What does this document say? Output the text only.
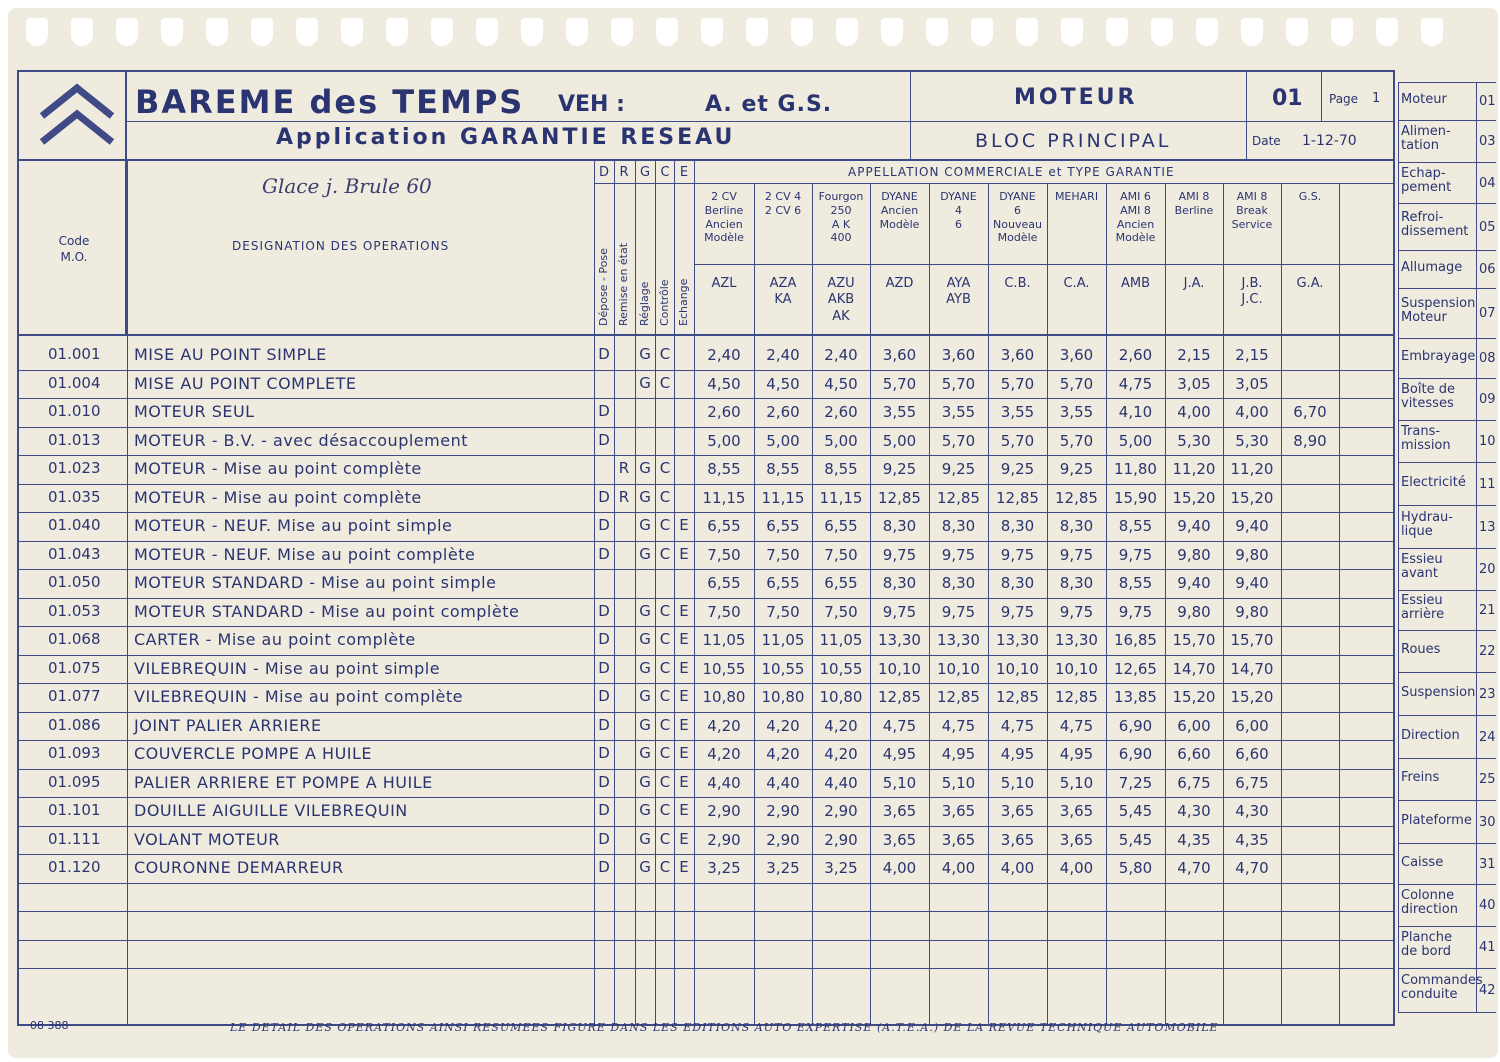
BAREME des TEMPS VEH :	A. et G.S.	MOTEUR	01 Page 1
Application GARANTIE RESEAU	BLOC PRINCIPAL	Date 1-12-70
Glace j. Brule 60
Code
M.O.
DESIGNATION DES OPERATIONS
APPELLATION COMMERCIALE et TYPE GARANTIE
D R G C E
Dépose - Pose Remise en état Réglage Contrôle Echange
2 CV
Berline
Ancien
Modèle
AZL
2 CV 4
2 CV 6
AZA
KA
Fourgon
250
A K
400
AZU
AKB
AK
DYANE
Ancien
Modèle
AZD
DYANE
4
6
AYA
AYB
DYANE
6
Nouveau
Modèle
C.B.
MEHARI
C.A.
AMI 6
AMI 8
Ancien
Modèle
AMB
AMI 8
Berline
J.A.
AMI 8
Break
Service
J.B.
J.C.
G.S.
G.A.
01.001 MISE AU POINT SIMPLE	D G C	2,40	2,40	2,40	3,60	3,60	3,60	3,60	2,60	2,15	2,15
01.004 MISE AU POINT COMPLETE	G C	4,50	4,50	4,50	5,70	5,70	5,70	5,70	4,75	3,05	3,05
01.010 MOTEUR SEUL	D	2,60	2,60	2,60	3,55	3,55	3,55	3,55	4,10	4,00	4,00	6,70
01.013 MOTEUR - B.V. - avec désaccouplement	D	5,00	5,00	5,00	5,00	5,70	5,70	5,70	5,00	5,30	5,30	8,90
01.023 MOTEUR - Mise au point complète	R G C	8,55	8,55	8,55	9,25	9,25	9,25	9,25	11,80	11,20	11,20
01.035 MOTEUR - Mise au point complète	D R G C	11,15	11,15	11,15	12,85	12,85	12,85	12,85	15,90	15,20	15,20
01.040 MOTEUR - NEUF. Mise au point simple	D G C E	6,55	6,55	6,55	8,30	8,30	8,30	8,30	8,55	9,40	9,40
01.043 MOTEUR - NEUF. Mise au point complète	D G C E	7,50	7,50	7,50	9,75	9,75	9,75	9,75	9,75	9,80	9,80
01.050 MOTEUR STANDARD - Mise au point simple	6,55	6,55	6,55	8,30	8,30	8,30	8,30	8,55	9,40	9,40
01.053 MOTEUR STANDARD - Mise au point complète	D G C E	7,50	7,50	7,50	9,75	9,75	9,75	9,75	9,75	9,80	9,80
01.068 CARTER - Mise au point complète	D G C E 11,05	11,05	11,05	13,30	13,30	13,30	13,30	16,85	15,70	15,70
01.075 VILEBREQUIN - Mise au point simple	D G C E 10,55	10,55	10,55	10,10	10,10	10,10	10,10	12,65	14,70	14,70
01.077 VILEBREQUIN - Mise au point complète	D G C E 10,80	10,80	10,80	12,85	12,85	12,85	12,85	13,85	15,20	15,20
01.086 JOINT PALIER ARRIERE	D G C E	4,20	4,20	4,20	4,75	4,75	4,75	4,75	6,90	6,00	6,00
01.093 COUVERCLE POMPE A HUILE	D G C E	4,20	4,20	4,20	4,95	4,95	4,95	4,95	6,90	6,60	6,60
01.095 PALIER ARRIERE ET POMPE A HUILE	D G C E	4,40	4,40	4,40	5,10	5,10	5,10	5,10	7,25	6,75	6,75
01.101 DOUILLE AIGUILLE VILEBREQUIN	D G C E	2,90	2,90	2,90	3,65	3,65	3,65	3,65	5,45	4,30	4,30
01.111 VOLANT MOTEUR	D G C E	2,90	2,90	2,90	3,65	3,65	3,65	3,65	5,45	4,35	4,35
01.120 COURONNE DEMARREUR	D G C E	3,25	3,25	3,25	4,00	4,00	4,00	4,00	5,80	4,70	4,70
Moteur 01
Alimen-
tation	03
Echap-
pement 04
Refroi-
dissement 05
Allumage 06
Suspension
Moteur	07
Embrayage 08
Boîte de
vitesses 09
Trans-
mission 10
Electricité 11
Hydrau-
lique	13
Essieu
avant	20
Essieu
arrière	21
Roues	22
Suspension 23
Direction 24
Freins	25
Plateforme 30
Caisse	31
Colonne
direction 40
Planche
de bord 41
Commandes
conduite	42
08 388	LE DETAIL DES OPERATIONS AINSI RESUMEES FIGURE DANS LES EDITIONS AUTO EXPERTISE (A.T.E.A.) DE LA REVUE TECHNIQUE AUTOMOBILE
